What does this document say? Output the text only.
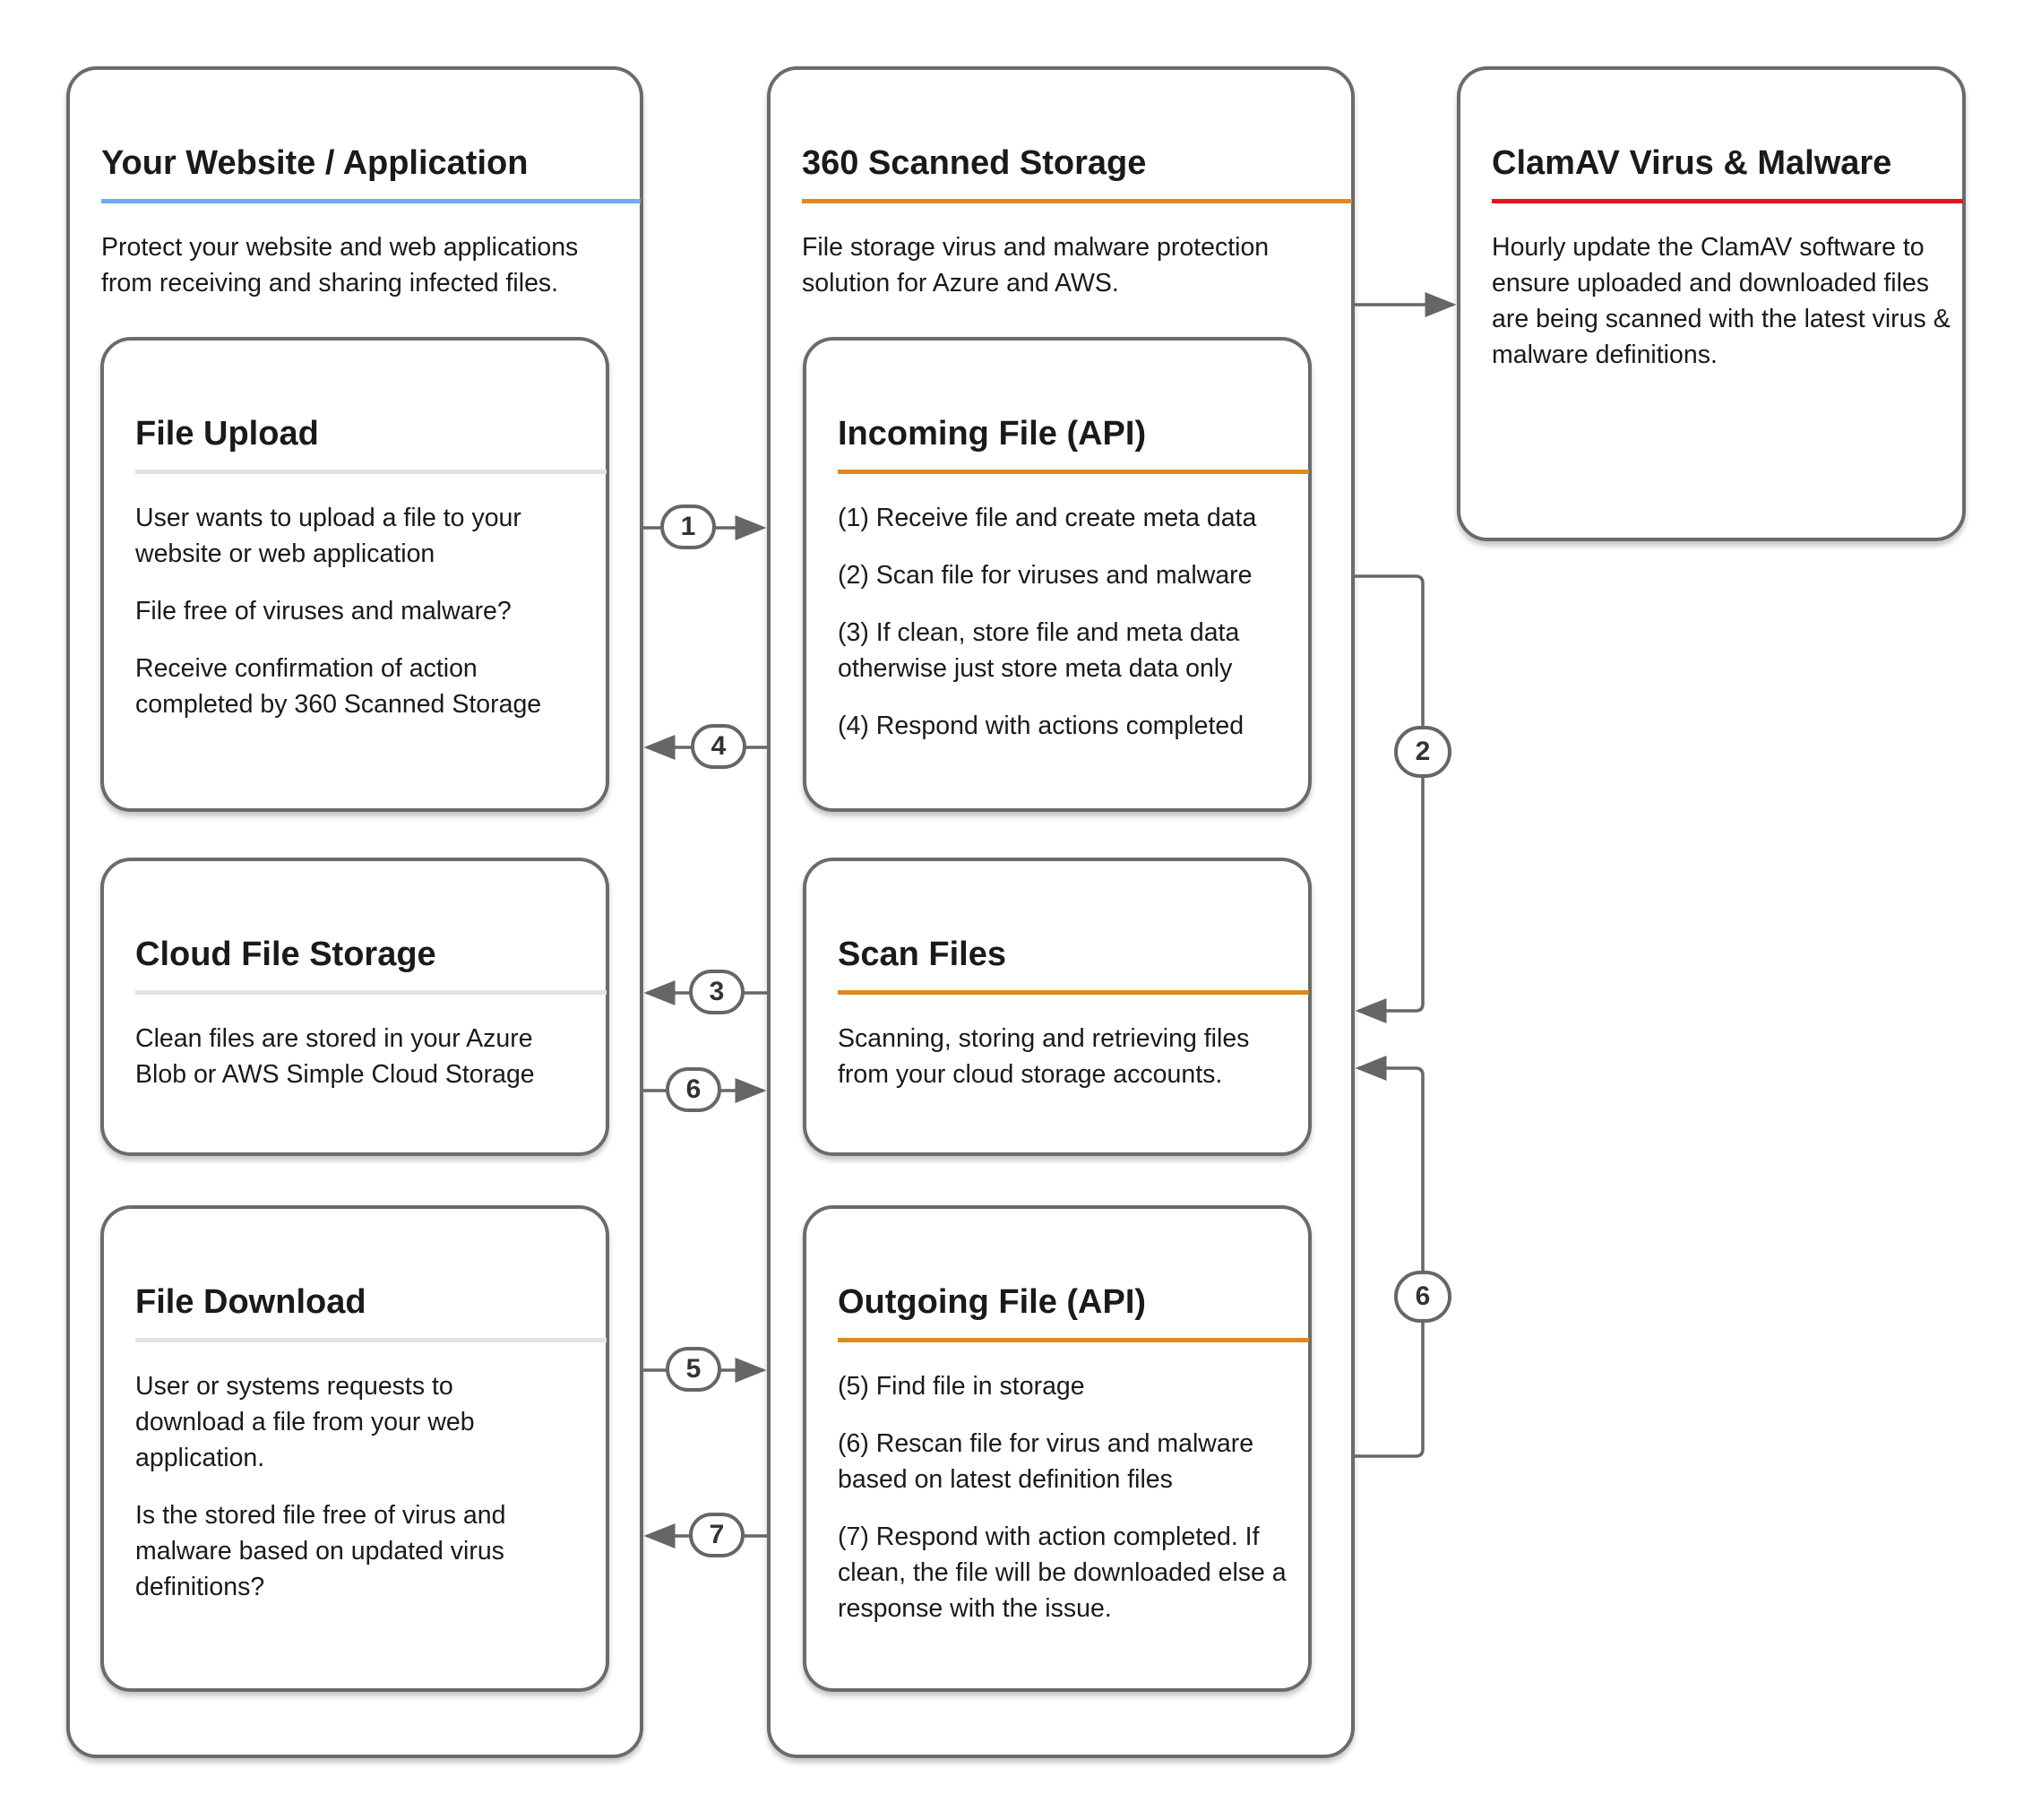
Your Website / Application
Protect your website and web applications from receiving and sharing infected files.
360 Scanned Storage
File storage virus and malware protection solution for Azure and AWS.
ClamAV Virus & Malware
Hourly update the ClamAV software to ensure uploaded and downloaded files are being scanned with the latest virus & malware definitions.
File Upload

User wants to upload a file to your website or web application

File free of viruses and malware?

Receive confirmation of action completed by 360 Scanned Storage

Cloud File Storage

Clean files are stored in your Azure Blob or AWS Simple Cloud Storage

File Download

User or systems requests to download a file from your web application.

Is the stored file free of virus and malware based on updated virus definitions?

Incoming File (API)

(1) Receive file and create meta data

(2) Scan file for viruses and malware

(3) If clean, store file and meta data otherwise just store meta data only

(4) Respond with actions completed

Scan Files

Scanning, storing and retrieving files from your cloud storage accounts.

Outgoing File (API)

(5) Find file in storage

(6) Rescan file for virus and malware based on latest definition files

(7) Respond with action completed. If clean, the file will be downloaded else a response with the issue.

1
4
3
6
5
7
2
6
